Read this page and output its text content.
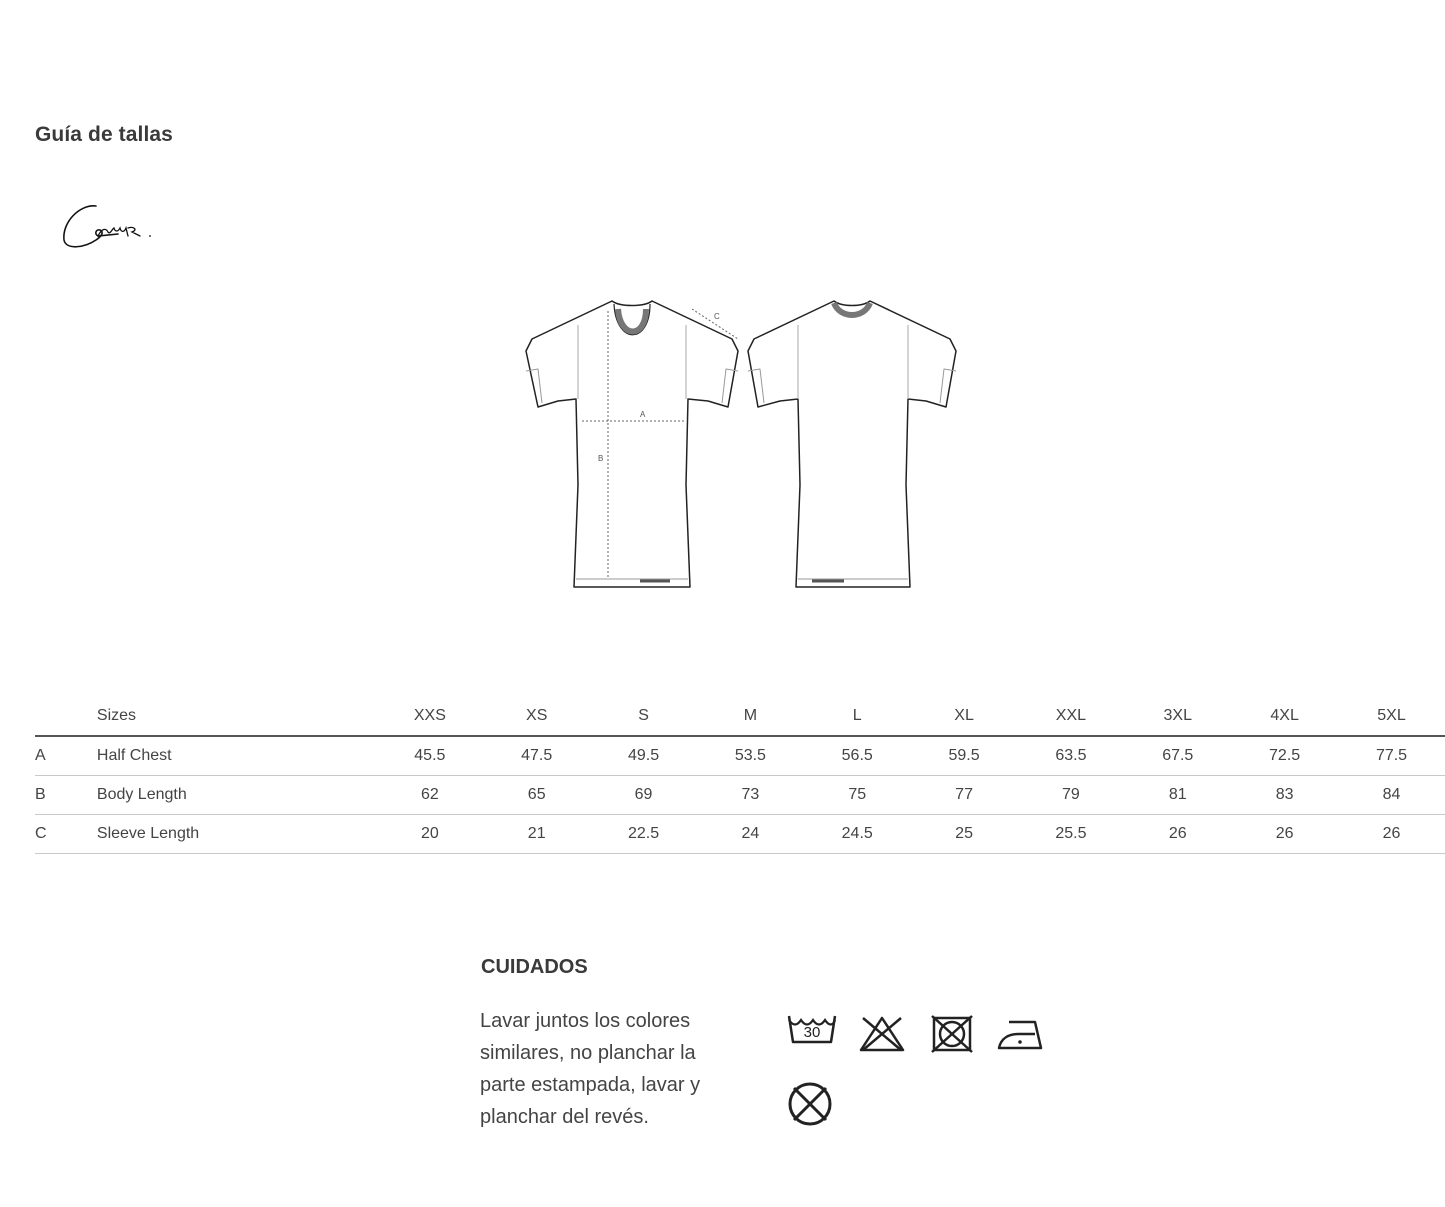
Guía de tallas
A
B
C
	Sizes	XXS	XS	S	M	L	XL	XXL	3XL	4XL	5XL
A	Half Chest	45.5	47.5	49.5	53.5	56.5	59.5	63.5	67.5	72.5	77.5
B	Body Length	62	65	69	73	75	77	79	81	83	84
C	Sleeve Length	20	21	22.5	24	24.5	25	25.5	26	26	26
CUIDADOS

Lavar juntos los colores similares, no planchar la parte estampada, lavar y planchar del revés.

30
